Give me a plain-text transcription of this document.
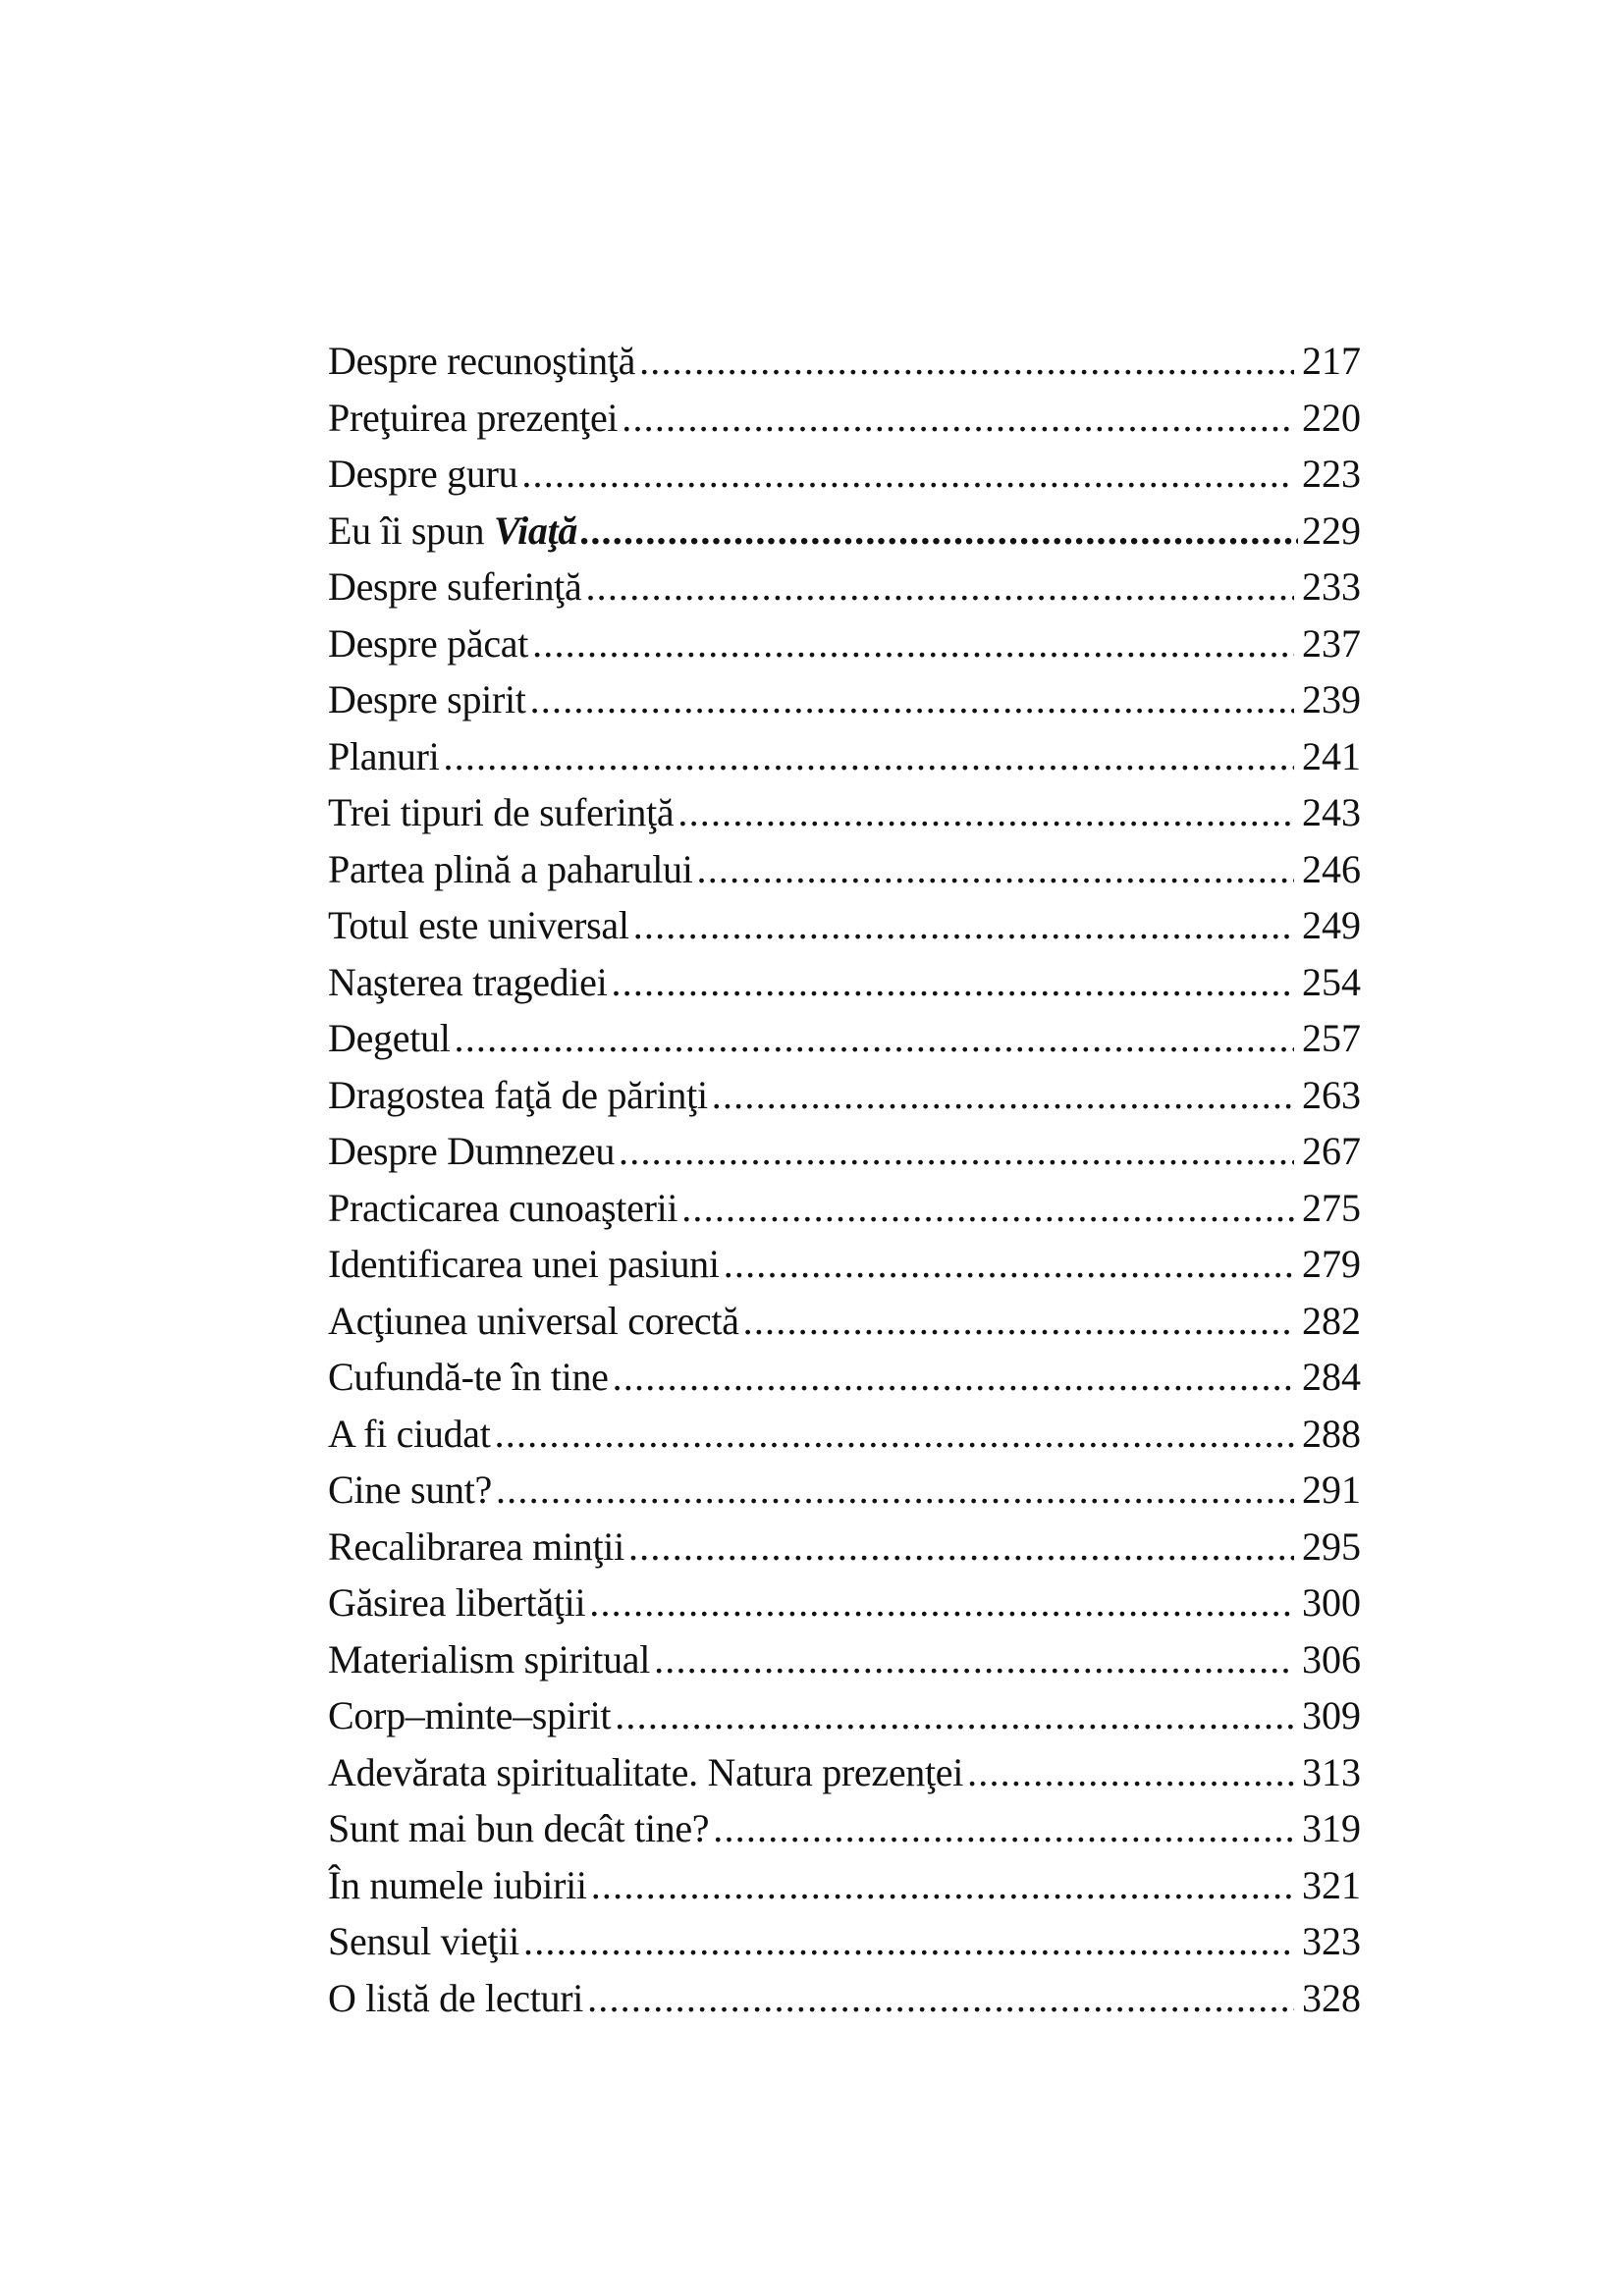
Despre recunoştinţă .....	217
Preţuirea prezenţei .....	220
Despre guru .....	223
Eu îi spun Viaţă .....	229
Despre suferinţă .....	233
Despre păcat .....	237
Despre spirit .....	239
Planuri .....	241
Trei tipuri de suferinţă .....	243
Partea plină a paharului .....	246
Totul este universal .....	249
Naşterea tragediei .....	254
Degetul .....	257
Dragostea faţă de părinţi .....	263
Despre Dumnezeu .....	267
Practicarea cunoaşterii .....	275
Identificarea unei pasiuni .....	279
Acţiunea universal corectă .....	282
Cufundă-te în tine .....	284
A fi ciudat .....	288
Cine sunt? .....	291
Recalibrarea minţii .....	295
Găsirea libertăţii .....	300
Materialism spiritual .....	306
Corp–minte–spirit .....	309
Adevărata spiritualitate. Natura prezenţei .....	313
Sunt mai bun decât tine? .....	319
În numele iubirii .....	321
Sensul vieţii .....	323
O listă de lecturi .....	328
